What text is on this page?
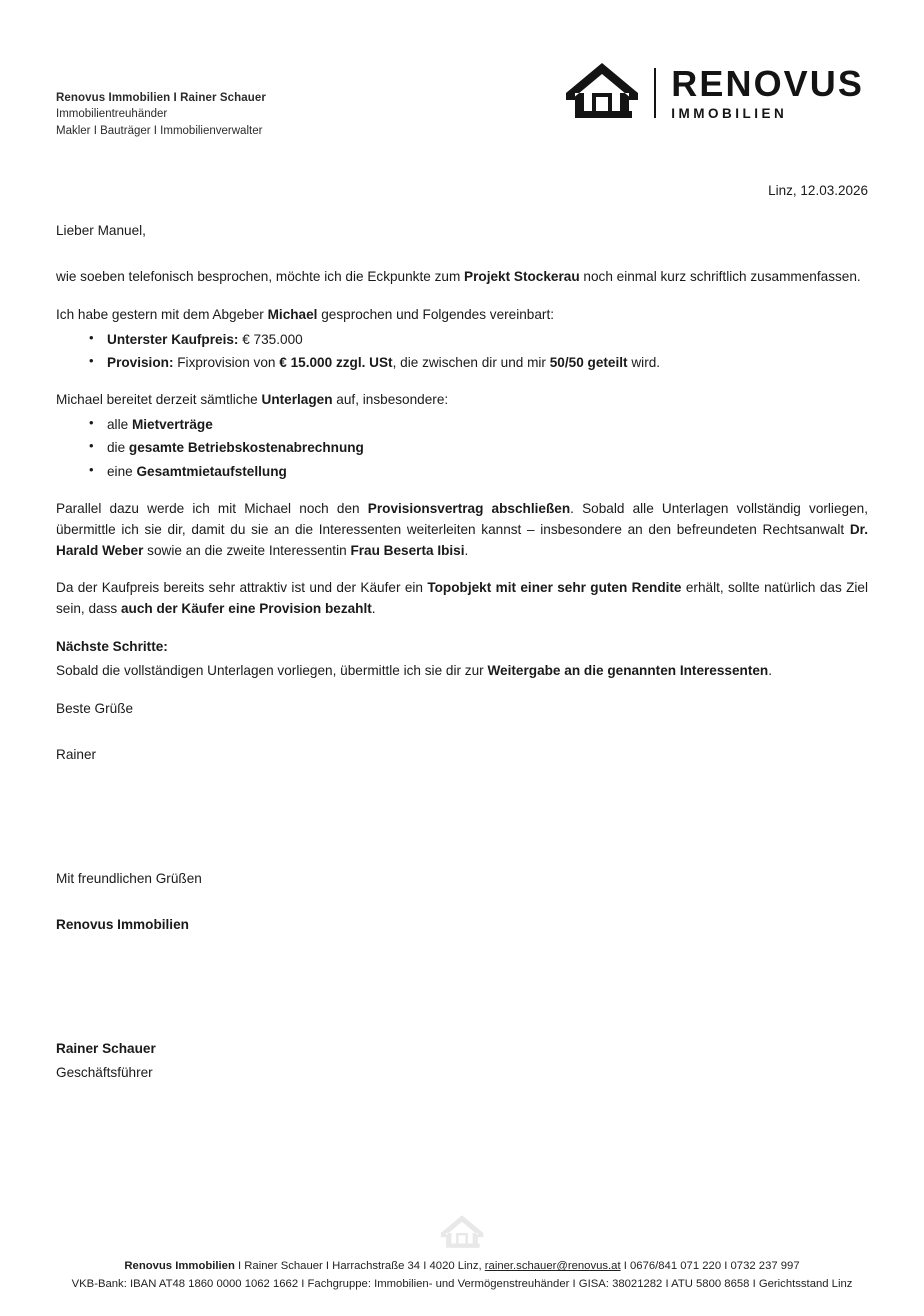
Renovus Immobilien I Rainer Schauer
Immobilientreuhänder
Makler I Bauträger I Immobilienverwalter
RENOVUS
IMMOBILIEN
Linz, 12.03.2026

Lieber Manuel,

wie soeben telefonisch besprochen, möchte ich die Eckpunkte zum Projekt Stockerau noch einmal kurz schriftlich zusammenfassen.

Ich habe gestern mit dem Abgeber Michael gesprochen und Folgendes vereinbart:

• Unterster Kaufpreis: € 735.000
• Provision: Fixprovision von € 15.000 zzgl. USt, die zwischen dir und mir 50/50 geteilt wird.

Michael bereitet derzeit sämtliche Unterlagen auf, insbesondere:

• alle Mietverträge
• die gesamte Betriebskostenabrechnung
• eine Gesamtmietaufstellung

Parallel dazu werde ich mit Michael noch den Provisionsvertrag abschließen. Sobald alle Unterlagen vollständig vorliegen, übermittle ich sie dir, damit du sie an die Interessenten weiterleiten kannst – insbesondere an den befreundeten Rechtsanwalt Dr. Harald Weber sowie an die zweite Interessentin Frau Beserta Ibisi.

Da der Kaufpreis bereits sehr attraktiv ist und der Käufer ein Topobjekt mit einer sehr guten Rendite erhält, sollte natürlich das Ziel sein, dass auch der Käufer eine Provision bezahlt.

Nächste Schritte:

Sobald die vollständigen Unterlagen vorliegen, übermittle ich sie dir zur Weitergabe an die genannten Interessenten.

Beste Grüße

Rainer

Mit freundlichen Grüßen

Renovus Immobilien

Rainer Schauer

Geschäftsführer

Renovus Immobilien I Rainer Schauer I Harrachstraße 34 I 4020 Linz, rainer.schauer@renovus.at I 0676/841 071 220 I 0732 237 997
VKB-Bank: IBAN AT48 1860 0000 1062 1662 I Fachgruppe: Immobilien- und Vermögenstreuhänder I GISA: 38021282 I ATU 5800 8658 I Gerichtsstand Linz
